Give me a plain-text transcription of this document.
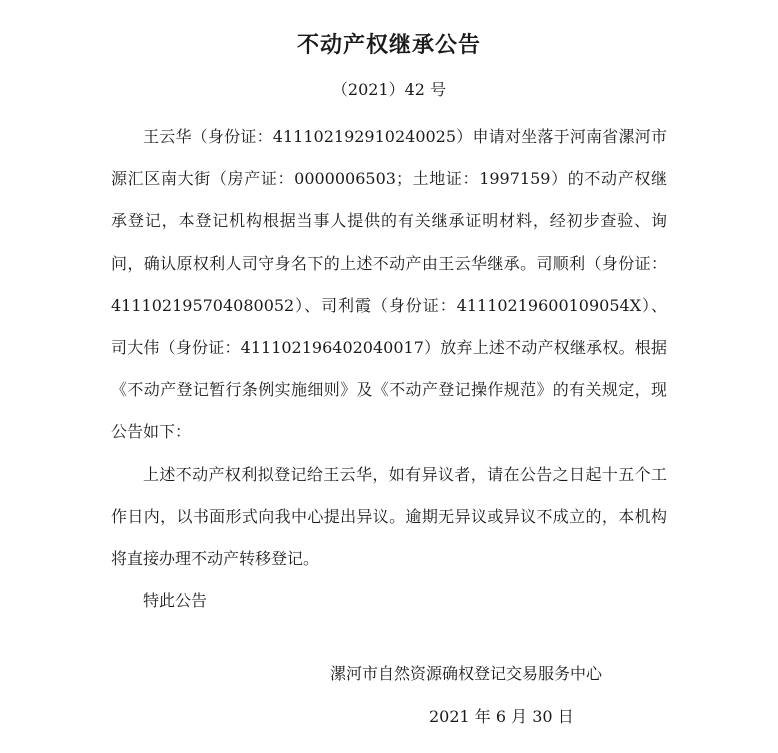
不动产权继承公告
（2021）42 号

王云华（身份证：411102192910240025）申请对坐落于河南省漯河市源汇区南大街（房产证：0000006503；土地证：1997159）的不动产权继承登记，本登记机构根据当事人提供的有关继承证明材料，经初步查验、询问，确认原权利人司守身名下的上述不动产由王云华继承。司顺利（身份证：411102195704080052）、司利霞（身份证：41110219600109054X）、司大伟（身份证：411102196402040017）放弃上述不动产权继承权。根据《不动产登记暂行条例实施细则》及《不动产登记操作规范》的有关规定，现公告如下：

上述不动产权利拟登记给王云华，如有异议者，请在公告之日起十五个工作日内，以书面形式向我中心提出异议。逾期无异议或异议不成立的，本机构将直接办理不动产转移登记。

特此公告

漯河市自然资源确权登记交易服务中心
2021 年 6 月 30 日
